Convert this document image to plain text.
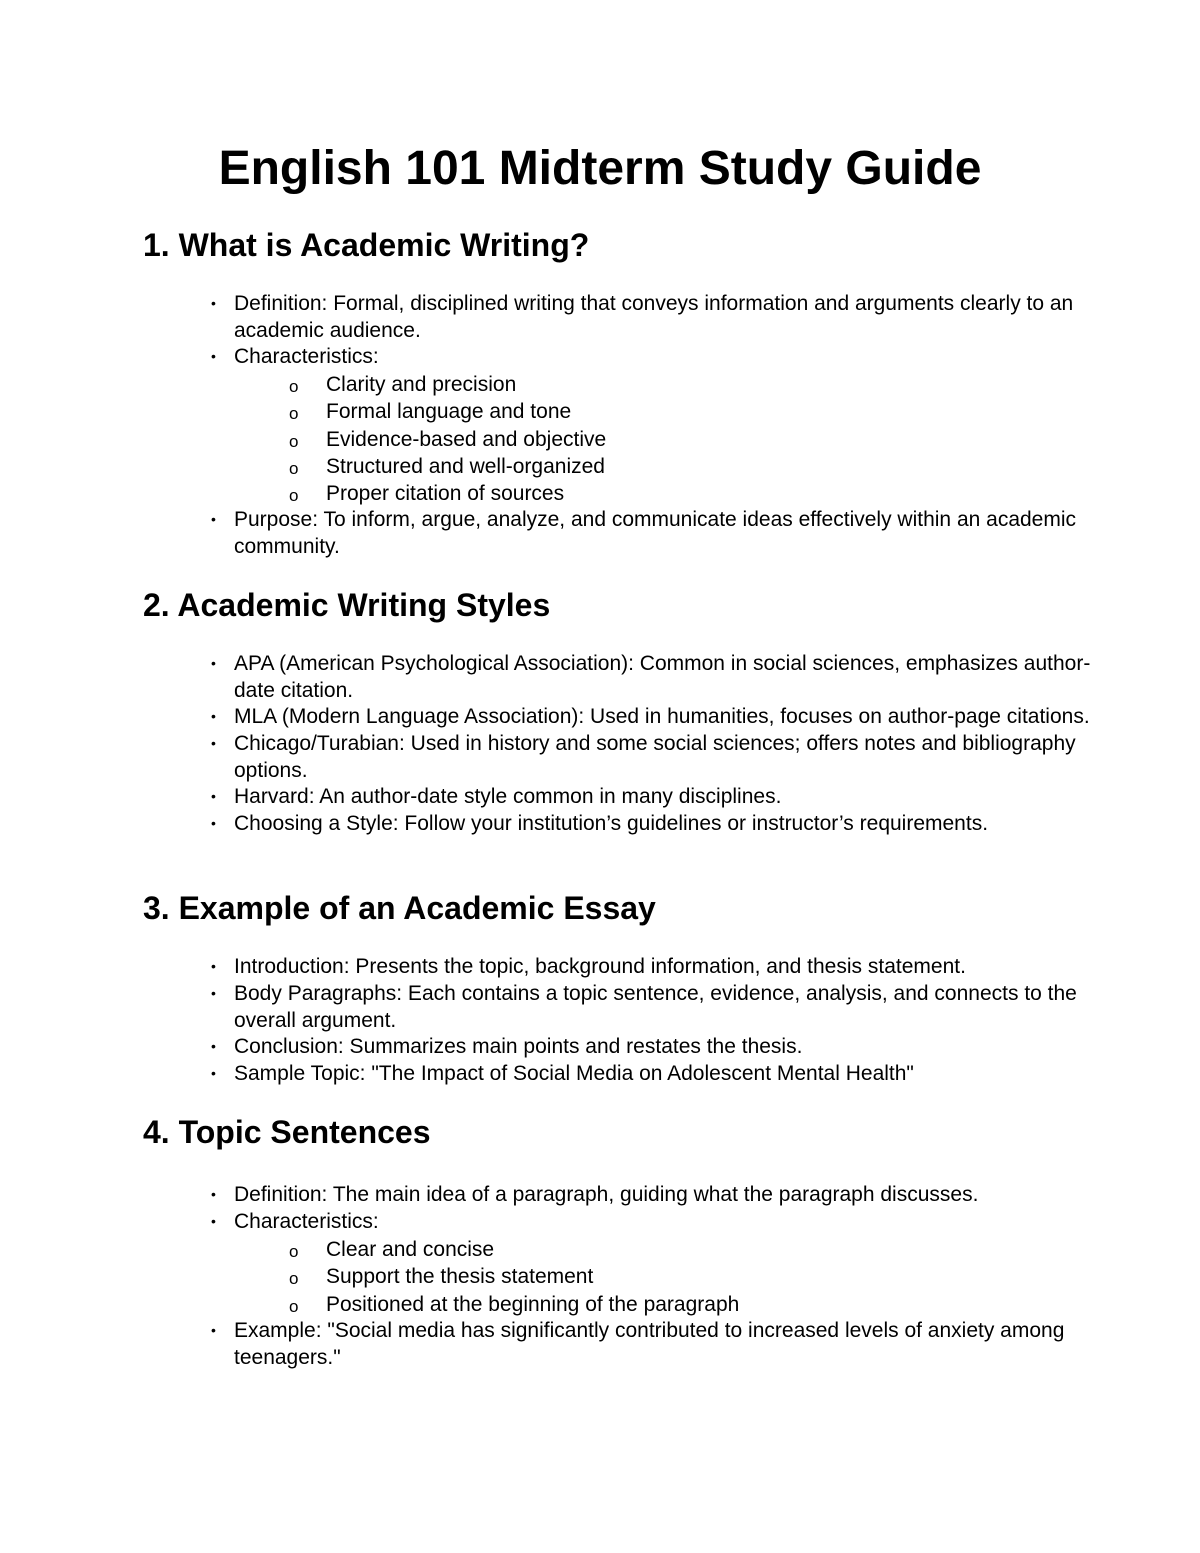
English 101 Midterm Study Guide
1. What is Academic Writing?
• Definition: Formal, disciplined writing that conveys information and arguments clearly to an academic audience.
• Characteristics:
o Clarity and precision
o Formal language and tone
o Evidence-based and objective
o Structured and well-organized
o Proper citation of sources
• Purpose: To inform, argue, analyze, and communicate ideas effectively within an academic community.
2. Academic Writing Styles
• APA (American Psychological Association): Common in social sciences, emphasizes author-date citation.
• MLA (Modern Language Association): Used in humanities, focuses on author-page citations.
• Chicago/Turabian: Used in history and some social sciences; offers notes and bibliography options.
• Harvard: An author-date style common in many disciplines.
• Choosing a Style: Follow your institution’s guidelines or instructor’s requirements.
3. Example of an Academic Essay
• Introduction: Presents the topic, background information, and thesis statement.
• Body Paragraphs: Each contains a topic sentence, evidence, analysis, and connects to the overall argument.
• Conclusion: Summarizes main points and restates the thesis.
• Sample Topic: "The Impact of Social Media on Adolescent Mental Health"
4. Topic Sentences
• Definition: The main idea of a paragraph, guiding what the paragraph discusses.
• Characteristics:
o Clear and concise
o Support the thesis statement
o Positioned at the beginning of the paragraph
• Example: "Social media has significantly contributed to increased levels of anxiety among teenagers."
